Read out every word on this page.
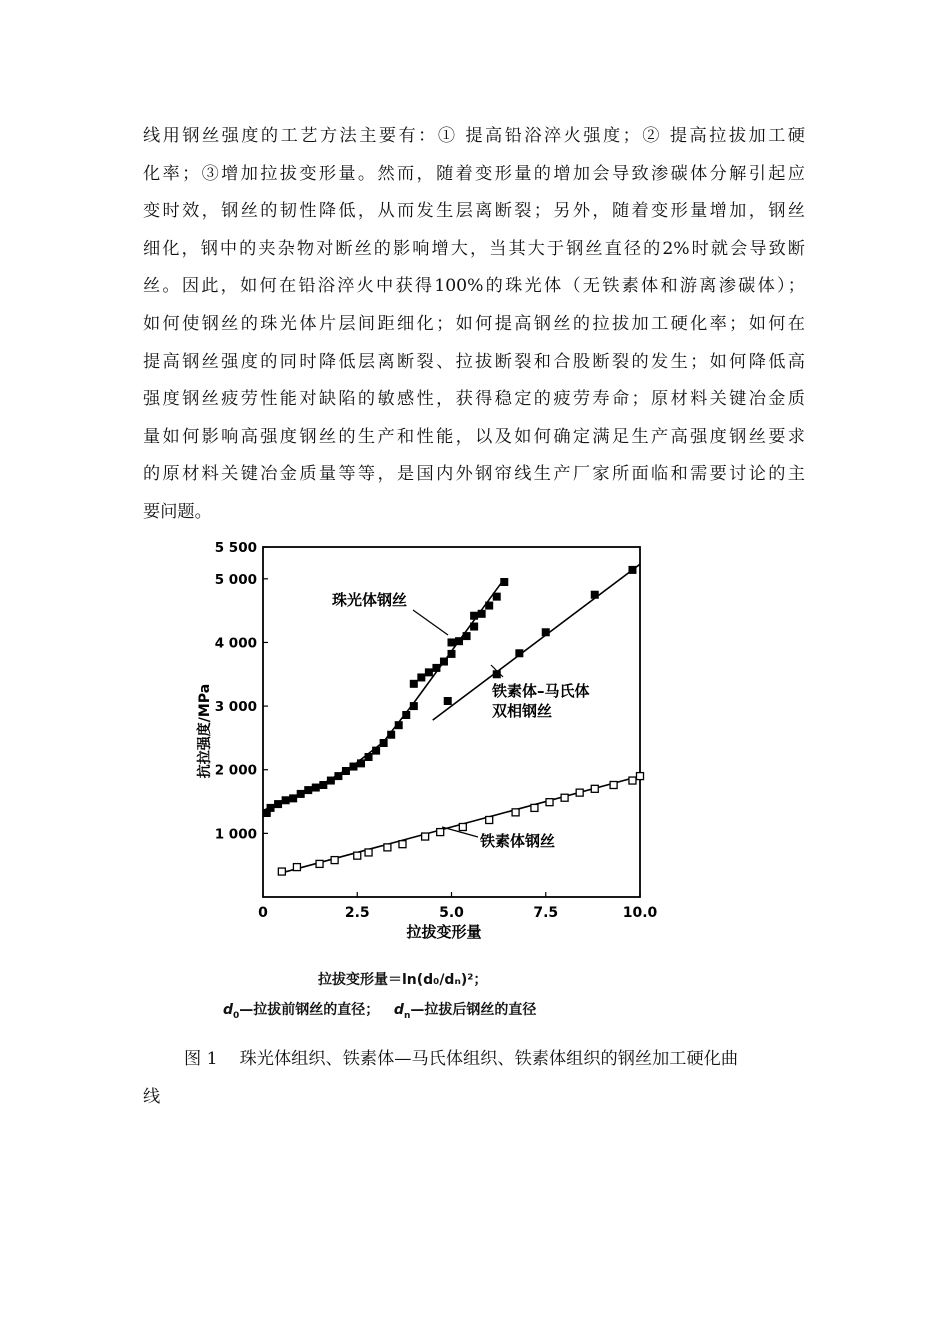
线用钢丝强度的工艺方法主要有：① 提高铅浴淬火强度；② 提高拉拔加工硬
化率；③增加拉拔变形量。然而，随着变形量的增加会导致渗碳体分解引起应
变时效，钢丝的韧性降低，从而发生层离断裂；另外，随着变形量增加，钢丝
细化，钢中的夹杂物对断丝的影响增大，当其大于钢丝直径的2%时就会导致断
丝。因此，如何在铅浴淬火中获得100%的珠光体（无铁素体和游离渗碳体）；
如何使钢丝的珠光体片层间距细化；如何提高钢丝的拉拔加工硬化率；如何在
提高钢丝强度的同时降低层离断裂、拉拔断裂和合股断裂的发生；如何降低高
强度钢丝疲劳性能对缺陷的敏感性，获得稳定的疲劳寿命；原材料关键冶金质
量如何影响高强度钢丝的生产和性能，以及如何确定满足生产高强度钢丝要求
的原材料关键冶金质量等等，是国内外钢帘线生产厂家所面临和需要讨论的主
要问题。
0	2.5	5.0	7.5	10.0
1 000
2 000
3 000
4 000
5 000
5 500
珠光体钢丝
铁素体–马氏体
双相钢丝
铁素体钢丝
拉拔变形量
抗拉强度/MPa
拉拔变形量＝ln(d₀/dₙ)²；
$d_0—$拉拔前钢丝的直径； $d_n—$拉拔后钢丝的直径
图 1 珠光体组织、铁素体—马氏体组织、铁素体组织的钢丝加工硬化曲
线
